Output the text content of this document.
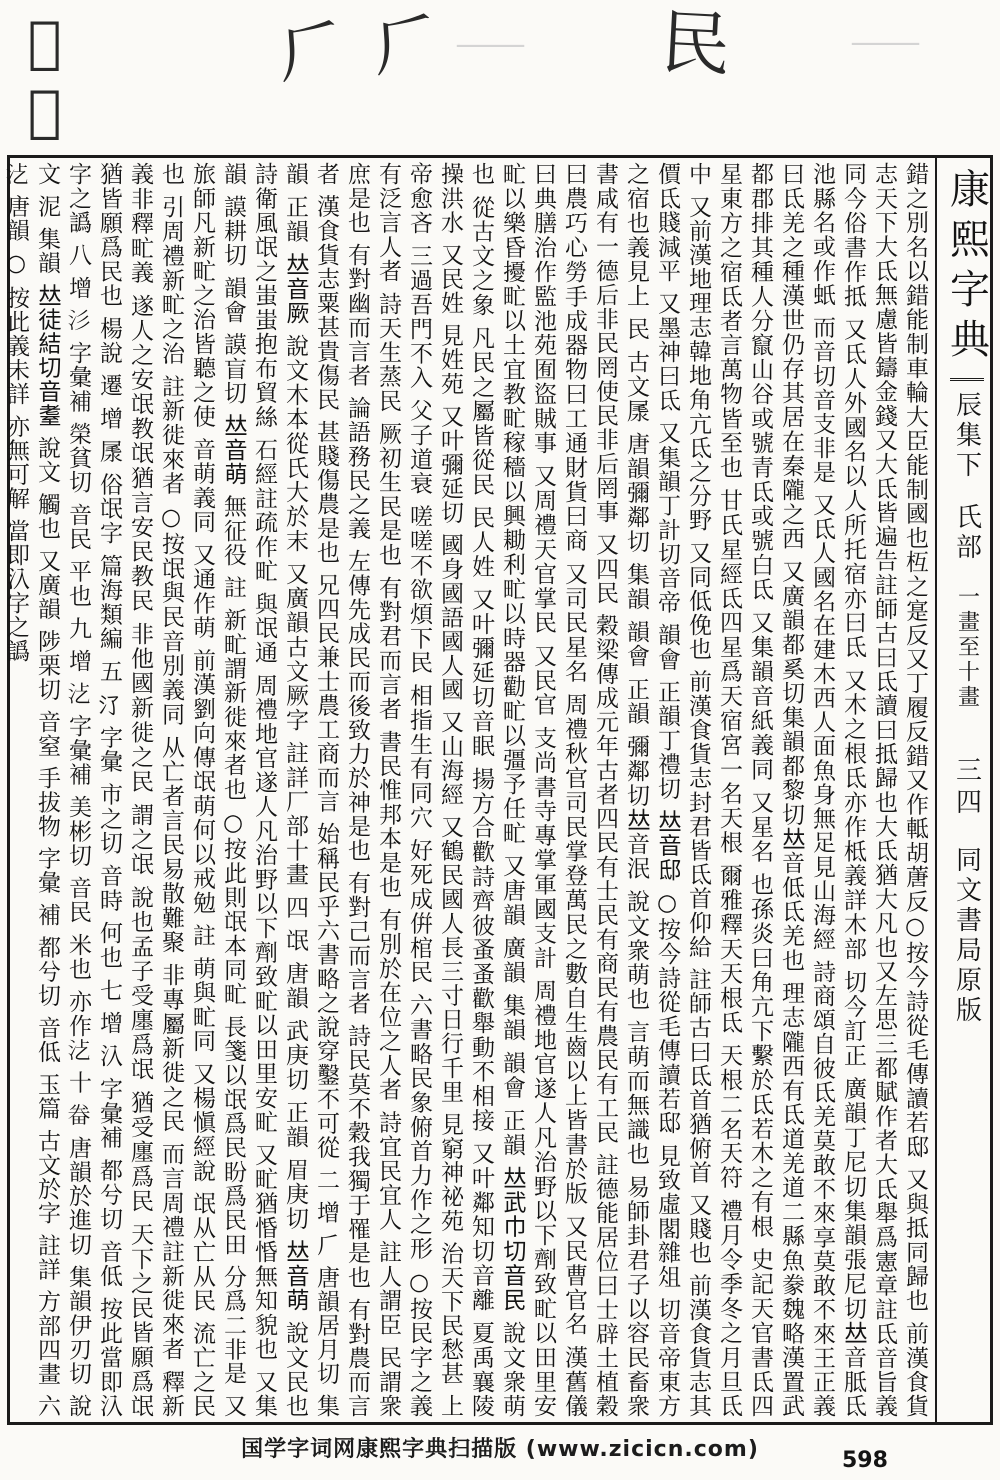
𤕜𤕜	𠂆𠂆	民
⸺	⸺
錯之別名以錯能制車輪大臣能制國也枑之寔反又丁履反錯又作軧胡蓎反○按今詩從毛傳讀若邸 又與抵同歸也 前漢食貨志天下大氐無慮皆鑄金錢又大氐皆遍告註師古曰氐讀曰抵歸也大氐猶大凡也又左思三都賦作者大氐舉爲憲章註氐音旨義同今俗書作抵 又氐人外國名以人所托宿亦曰氐 又木之根氐亦作柢義詳木部 切今訂正 廣韻丁尼切集韻張尼切𠀤音胝氐池縣名或作蚔 而音切音支非是 又氐人國名在建木西人面魚身無足見山海經 詩商頌自彼氐羌莫敢不來享莫敢不來王正義曰氐羌之種漢世仍存其居在秦隴之西 又廣韻都奚切集韻都黎切𠀤音低氐羌也 理志隴西有氐道羌道二縣魚豢魏略漢置武都郡排其種人分竄山谷或號青氐或號白氐 又集韻音紙義同 又星名 也孫炎曰角亢下繫於氐若木之有根 史記天官書氐四星東方之宿氐者言萬物皆至也 甘氏星經氐四星爲天宿宮一名天根 爾雅釋天天根氐 天根二名天符 禮月令季冬之月旦氐中 又前漢地理志韓地角亢氐之分野 又同低俛也 前漢食貨志封君皆氐首仰給 註師古曰氐首猶俯首 又賤也 前漢食貨志其價氐賤減平 又墨神曰氐 又集韻丁計切音帝 韻會 正韻丁禮切 𠀤音邸 ○按今詩從毛傳讀若邸 見致虛閣雜俎 切音帝東方之宿也義見上 民 古文㞙 唐韻彌鄰切 集韻 韻會 正韻 彌鄰切𠀤音泯 說文衆萌也 言萌而無識也 易師卦君子以容民畜衆 書咸有一德后非民罔使民非后罔事 又四民 穀梁傳成元年古者四民有士民有商民有農民有工民 註德能居位曰士辟土植穀曰農巧心勞手成器物曰工通財貨曰商 又司民星名 周禮秋官司民掌登萬民之數自生齒以上皆書於版 又民曹官名 漢舊儀曰典膳治作監池苑囿盜賊事 又周禮天官掌民 又民官 支尚書寺專掌軍國支計 周禮地官遂人凡治野以下劑致甿以田里安甿以樂昏擾甿以土宜教甿稼穡以興耡利甿以時器勸甿以彊予任甿 又唐韻 廣韻 集韻 韻會 正韻 𠀤武巾切音民 說文衆萌也 從古文之象 凡民之屬皆從民 民人姓 又叶彌延切音眠 揚方合歡詩齊彼蚤蚤歡舉動不相接 又叶鄰知切音離 夏禹襄陵操洪水 又民姓 見姓苑 又叶彌延切 國身國語國人國 又山海經 又鶴民國人長三寸日行千里 見窮神祕苑 治天下民愁甚 上帝愈吝 三過吾門不入 父子道衰 嗟嗟不欲煩下民 相指生有同穴 好死成倂棺民 六書略民象俯首力作之形 ○按民字之義有泛言人者 詩天生蒸民 厥初生民是也 有對君而言者 書民惟邦本是也 有別於在位之人者 詩宜民宜人 註人謂臣 民謂衆庶是也 有對幽而言者 論語務民之義 左傳先成民而後致力於神是也 有對己而言者 詩民莫不穀我獨于罹是也 有對農而言者 漢食貨志粟甚貴傷民 甚賤傷農是也 兄四民兼士農工商而言 始稱民乎六書略之說穿鑿不可從 二 增 𠂆 唐韻居月切 集韻 正韻 𠀤音厥 說文木本從氏大於末 又廣韻古文厥字 註詳厂部十畫 四 氓 唐韻 武庚切 正韻 眉庚切 𠀤音萌 說文民也 詩衛風氓之蚩蚩抱布貿絲 石經註疏作甿 與氓通 周禮地官遂人凡治野以下劑致甿以田里安甿 又甿猶惛惛無知貌也 又集韻 謨耕切 韻會 謨盲切 𠀤音萌 無征役 註 新甿謂新徙來者也 ○按此則氓本同甿 長箋以氓爲民盼爲民田 分爲二非是 又旅師凡新甿之治皆聽之使 音萌義同 又通作萌 前漢劉向傳氓萌何以戒勉 註 萌與甿同 又楊愼經說 氓从亡从民 流亡之民也 引周禮新甿之治 註新徙來者 ○按氓與民音別義同 从亡者言民易散難聚 非專屬新徙之民 而言周禮註新徙來者 釋新義非釋甿義 遂人之安氓教氓猶言安民教民 非他國新徙之民 謂之氓 說也孟子受廛爲氓 猶受廛爲民 天下之民皆願爲氓 猶皆願爲民也 楊說 遷 增 㞙 俗氓字 篇海類編 五 𣱾 字彙 市之切 音時 何也 七 增 𣱿 字彙補 都兮切 音低 按此當即𣱿字之譌 八 增 𣲀 字彙補 榮貧切 音民 平也 九 增 𣲁 字彙補 美彬切 音民 米也 亦作𣲁 十 𤱵 唐韻於進切 集韻伊刃切 說文 泥 集韻 𠀤徒結切音耋 說文 觸也 又廣韻 陟栗切 音窒 手拔物 字彙 補 都兮切 音低 玉篇 古文於字 註詳 方部四畫 六 𣲁 唐韻 ○ 按此義未詳 亦無可解 當即𣱿字之譌	康熙字典
辰集下
氏部
一畫至十畫
三四
同文書局原版
国学字词网康熙字典扫描版 (www.zicicn.com)	598
